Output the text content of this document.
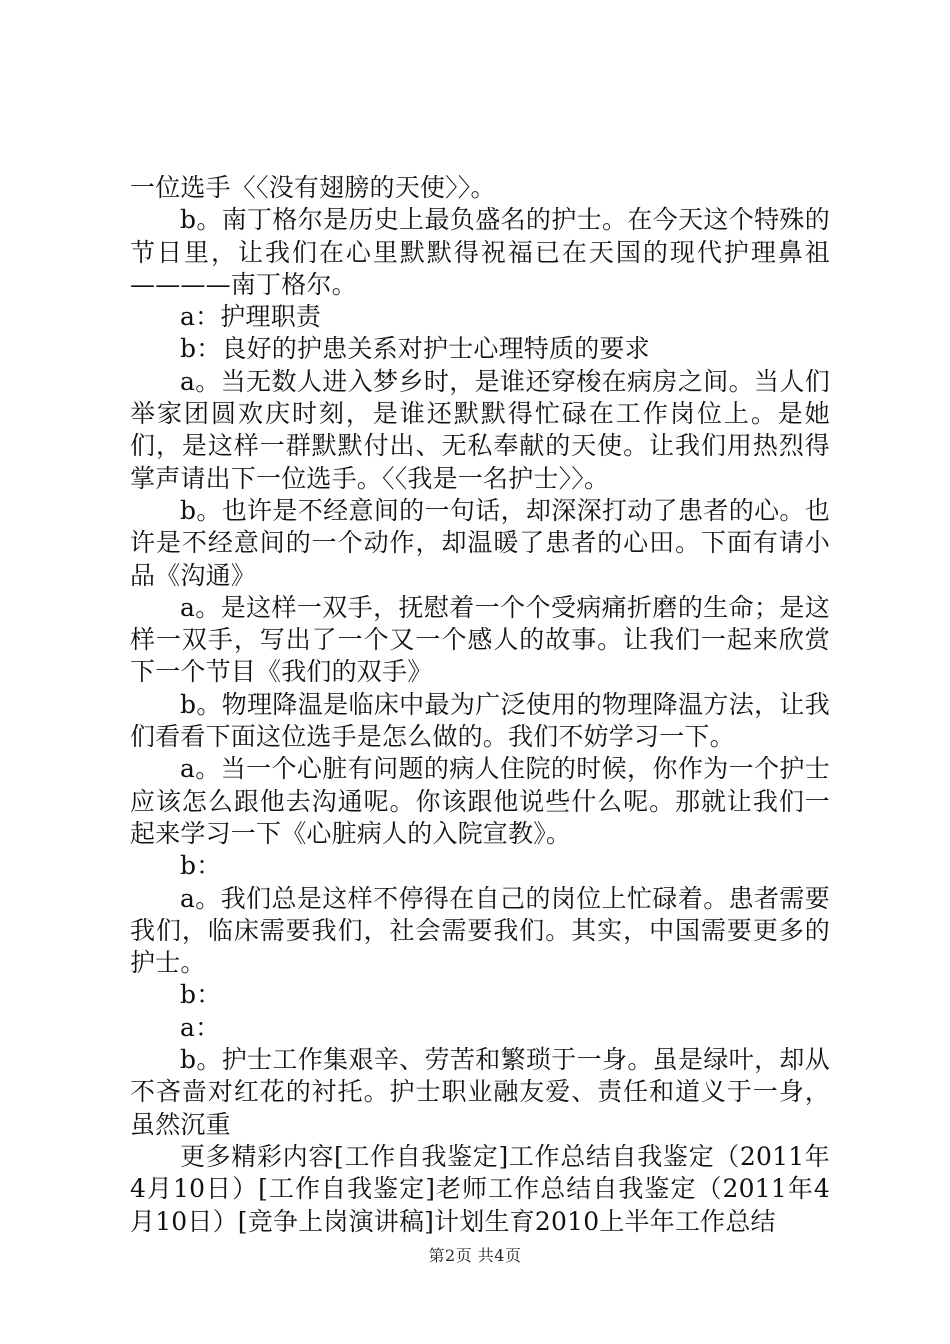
一位选手〈〈没有翅膀的天使〉〉。

b。南丁格尔是历史上最负盛名的护士。在今天这个特殊的节日里，让我们在心里默默得祝福已在天国的现代护理鼻祖————南丁格尔。

a：护理职责

b：良好的护患关系对护士心理特质的要求

a。当无数人进入梦乡时，是谁还穿梭在病房之间。当人们举家团圆欢庆时刻，是谁还默默得忙碌在工作岗位上。是她们，是这样一群默默付出、无私奉献的天使。让我们用热烈得掌声请出下一位选手。〈〈我是一名护士〉〉。

b。也许是不经意间的一句话，却深深打动了患者的心。也许是不经意间的一个动作，却温暖了患者的心田。下面有请小品《沟通》

a。是这样一双手，抚慰着一个个受病痛折磨的生命；是这样一双手，写出了一个又一个感人的故事。让我们一起来欣赏下一个节目《我们的双手》

b。物理降温是临床中最为广泛使用的物理降温方法，让我们看看下面这位选手是怎么做的。我们不妨学习一下。

a。当一个心脏有问题的病人住院的时候，你作为一个护士应该怎么跟他去沟通呢。你该跟他说些什么呢。那就让我们一起来学习一下《心脏病人的入院宣教》。

b：

a。我们总是这样不停得在自己的岗位上忙碌着。患者需要我们，临床需要我们，社会需要我们。其实，中国需要更多的护士。

b：

a：

b。护士工作集艰辛、劳苦和繁琐于一身。虽是绿叶，却从不吝啬对红花的衬托。护士职业融友爱、责任和道义于一身，虽然沉重

更多精彩内容[工作自我鉴定]工作总结自我鉴定（2011年4月10日）[工作自我鉴定]老师工作总结自我鉴定（2011年4月10日）[竞争上岗演讲稿]计划生育2010上半年工作总结

第2页 共4页
